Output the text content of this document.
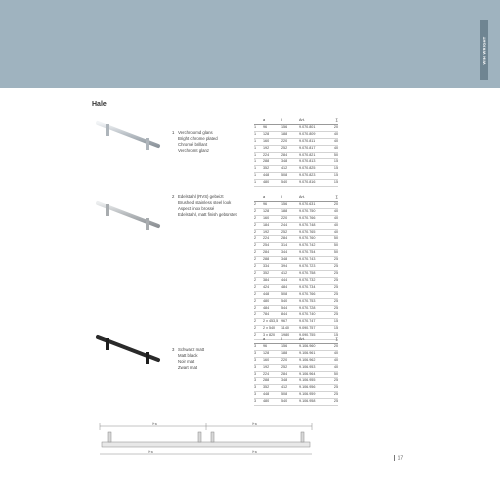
WIH WRIGHT
Hale
1 Verchroomd glans
Bright chrome plated
Chromé brillant
Verchromt glanz
	a	l	Art.	∑
1	96	156	9.070.801	20
1	128	188	9.070.809	40
1	160	220	9.070.811	40
1	192	252	9.070.817	40
1	224	284	9.070.821	50
1	288	348	9.070.813	15
1	352	412	9.070.825	15
1	448	508	9.070.823	15
1	480	540	9.070.816	15
2 Edelstahl (RVS) gebeizt
Brushed stainless steel look
Aspect inox brossé
Edelstahl, matt finish gebürstet
	a	l	Art.	∑
2	96	156	9.070.631	20
2	128	188	9.070.750	40
2	160	220	9.070.766	40
2	184	244	9.070.748	40
2	192	252	9.070.765	40
2	224	284	9.070.760	50
2	254	314	9.070.742	50
2	284	344	9.070.754	50
2	288	348	9.070.743	25
2	334	394	9.070.723	25
2	352	412	9.070.758	25
2	384	444	9.070.732	25
2	424	484	9.070.734	25
2	448	508	9.070.766	25
2	480	540	9.070.753	25
2	484	544	9.070.728	25
2	784	844	9.070.740	25
2	2 x 453,5	967	9.070.747	15
2	2 x 540	1140	9.090.757	15
2	3 x 820	1980	9.090.755	15
3 Schwarz matt
Matt black
Noir mat
Zwart mat
	a	l	Art.	∑
3	96	156	9.106.960	20
3	128	188	9.106.961	40
3	160	220	9.106.962	40
3	192	252	9.106.953	40
3	224	284	9.106.964	50
3	288	348	9.106.955	25
3	352	412	9.106.956	25
3	448	508	9.106.959	25
3	480	540	9.106.958	25
l+a	l+a
l+a	l+a
17
